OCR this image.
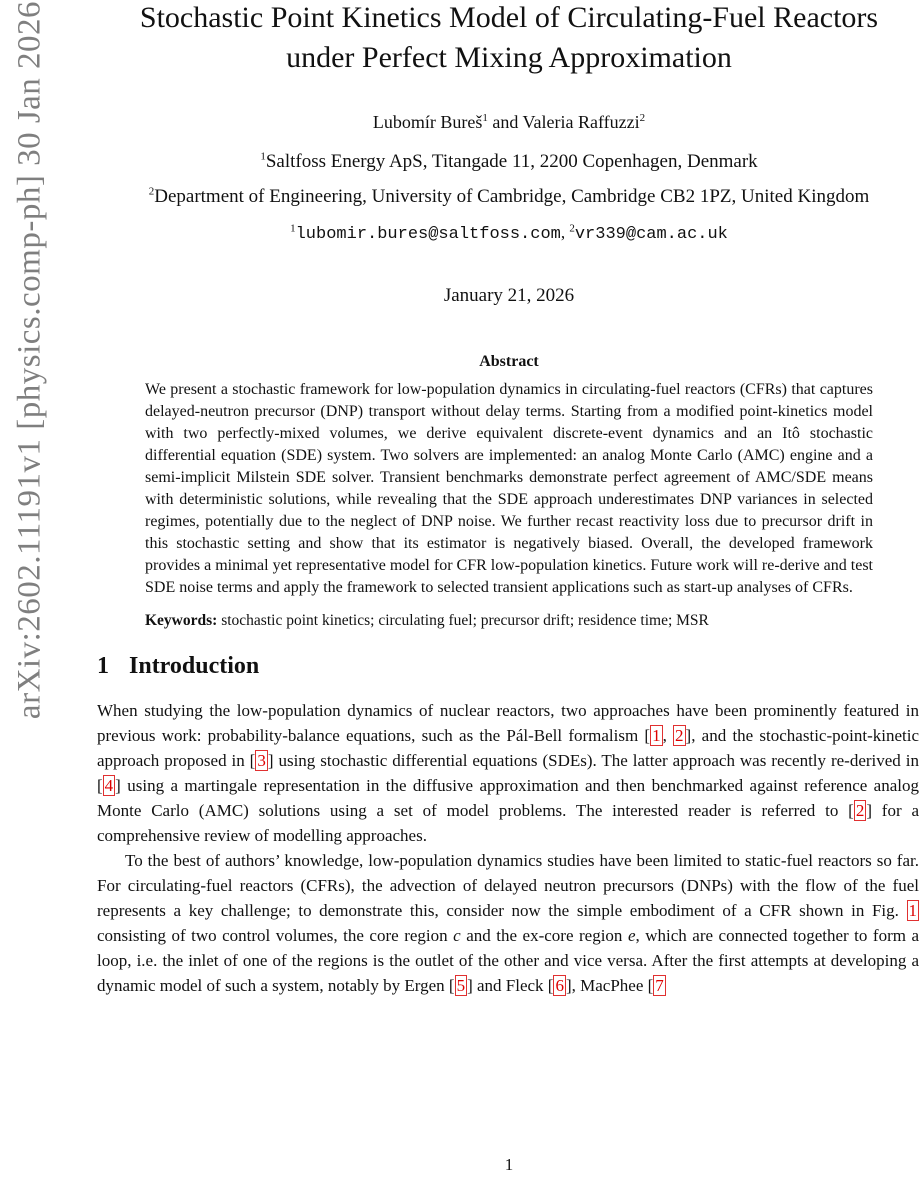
arXiv:2602.11191v1 [physics.comp-ph] 30 Jan 2026	Stochastic Point Kinetics Model of Circulating-Fuel Reactors
under Perfect Mixing Approximation
Lubomír Bureš$^1$ and Valeria Raffuzzi$^2$
$^1$Saltfoss Energy ApS, Titangade 11, 2200 Copenhagen, Denmark
$^2$Department of Engineering, University of Cambridge, Cambridge CB2 1PZ, United Kingdom
$^1$lubomir.bures@saltfoss.com, $^2$vr339@cam.ac.uk
January 21, 2026
Abstract
We present a stochastic framework for low-population dynamics in circulating-fuel reactors (CFRs) that captures delayed-neutron precursor (DNP) transport without delay terms. Starting from a modified point-kinetics model with two perfectly-mixed volumes, we derive equivalent discrete-event dynamics and an Itô stochastic differential equation (SDE) system. Two solvers are implemented: an analog Monte Carlo (AMC) engine and a semi-implicit Milstein SDE solver. Transient benchmarks demonstrate perfect agreement of AMC/SDE means with deterministic solutions, while revealing that the SDE approach underestimates DNP variances in selected regimes, potentially due to the neglect of DNP noise. We further recast reactivity loss due to precursor drift in this stochastic setting and show that its estimator is negatively biased. Overall, the developed framework provides a minimal yet representative model for CFR low-population kinetics. Future work will re-derive and test SDE noise terms and apply the framework to selected transient applications such as start-up analyses of CFRs.
Keywords: stochastic point kinetics; circulating fuel; precursor drift; residence time; MSR
1 Introduction

When studying the low-population dynamics of nuclear reactors, two approaches have been prominently featured in previous work: probability-balance equations, such as the Pál-Bell formalism [ 1 , 2 ], and the stochastic-point-kinetic approach proposed in [ 3 ] using stochastic differential equations (SDEs). The latter approach was recently re-derived in [ 4 ] using a martingale representation in the diffusive approximation and then benchmarked against reference analog Monte Carlo (AMC) solutions using a set of model problems. The interested reader is referred to [ 2 ] for a comprehensive review of modelling approaches.

To the best of authors’ knowledge, low-population dynamics studies have been limited to static-fuel reactors so far. For circulating-fuel reactors (CFRs), the advection of delayed neutron precursors (DNPs) with the flow of the fuel represents a key challenge; to demonstrate this, consider now the simple embodiment of a CFR shown in Fig. 1 consisting of two control volumes, the core region c and the ex-core region e, which are connected together to form a loop, i.e. the inlet of one of the regions is the outlet of the other and vice versa. After the first attempts at developing a dynamic model of such a system, notably by Ergen [ 5 ] and Fleck [ 6 ], MacPhee [ 7

1
